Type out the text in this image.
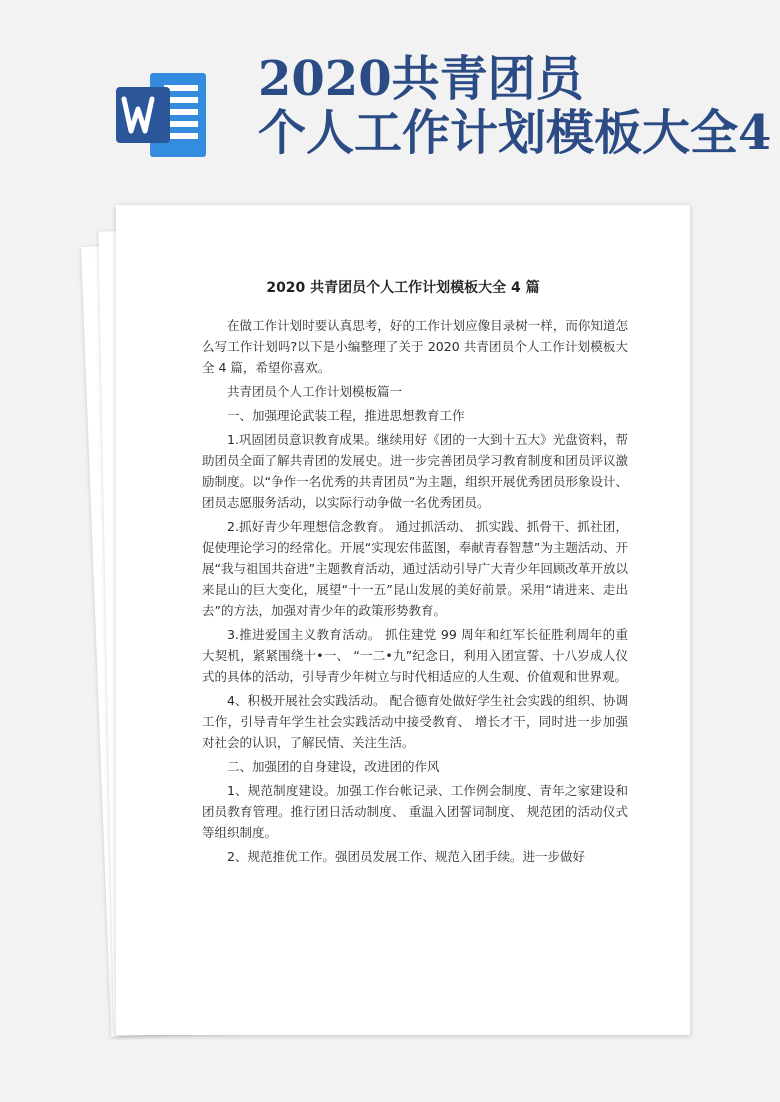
2020共青团员
个人工作计划模板大全4
2020 共青团员个人工作计划模板大全 4 篇

在做工作计划时要认真思考，好的工作计划应像目录树一样，而你知道怎么写工作计划吗?以下是小编整理了关于 2020 共青团员个人工作计划模板大全 4 篇，希望你喜欢。

共青团员个人工作计划模板篇一

一、加强理论武装工程，推进思想教育工作

1.巩固团员意识教育成果。继续用好《团的一大到十五大》光盘资料，帮助团员全面了解共青团的发展史。进一步完善团员学习教育制度和团员评议激励制度。以“争作一名优秀的共青团员”为主题，组织开展优秀团员形象设计、团员志愿服务活动，以实际行动争做一名优秀团员。

2.抓好青少年理想信念教育。 通过抓活动、 抓实践、抓骨干、抓社团，促使理论学习的经常化。开展“实现宏伟蓝图，奉献青春智慧”为主题活动、开展“我与祖国共奋进”主题教育活动，通过活动引导广大青少年回顾改革开放以来昆山的巨大变化，展望“十一五”昆山发展的美好前景。采用“请进来、走出去”的方法，加强对青少年的政策形势教育。

3.推进爱国主义教育活动。 抓住建党 99 周年和红军长征胜利周年的重大契机，紧紧围绕十•一、 “一二•九”纪念日，利用入团宣誓、十八岁成人仪式的具体的活动，引导青少年树立与时代相适应的人生观、价值观和世界观。

4、积极开展社会实践活动。 配合德育处做好学生社会实践的组织、协调工作，引导青年学生社会实践活动中接受教育、 增长才干，同时进一步加强对社会的认识，了解民情、关注生活。

二、加强团的自身建设，改进团的作风

1、规范制度建设。加强工作台帐记录、工作例会制度、青年之家建设和团员教育管理。推行团日活动制度、 重温入团誓词制度、 规范团的活动仪式等组织制度。

2、规范推优工作。强团员发展工作、规范入团手续。进一步做好
